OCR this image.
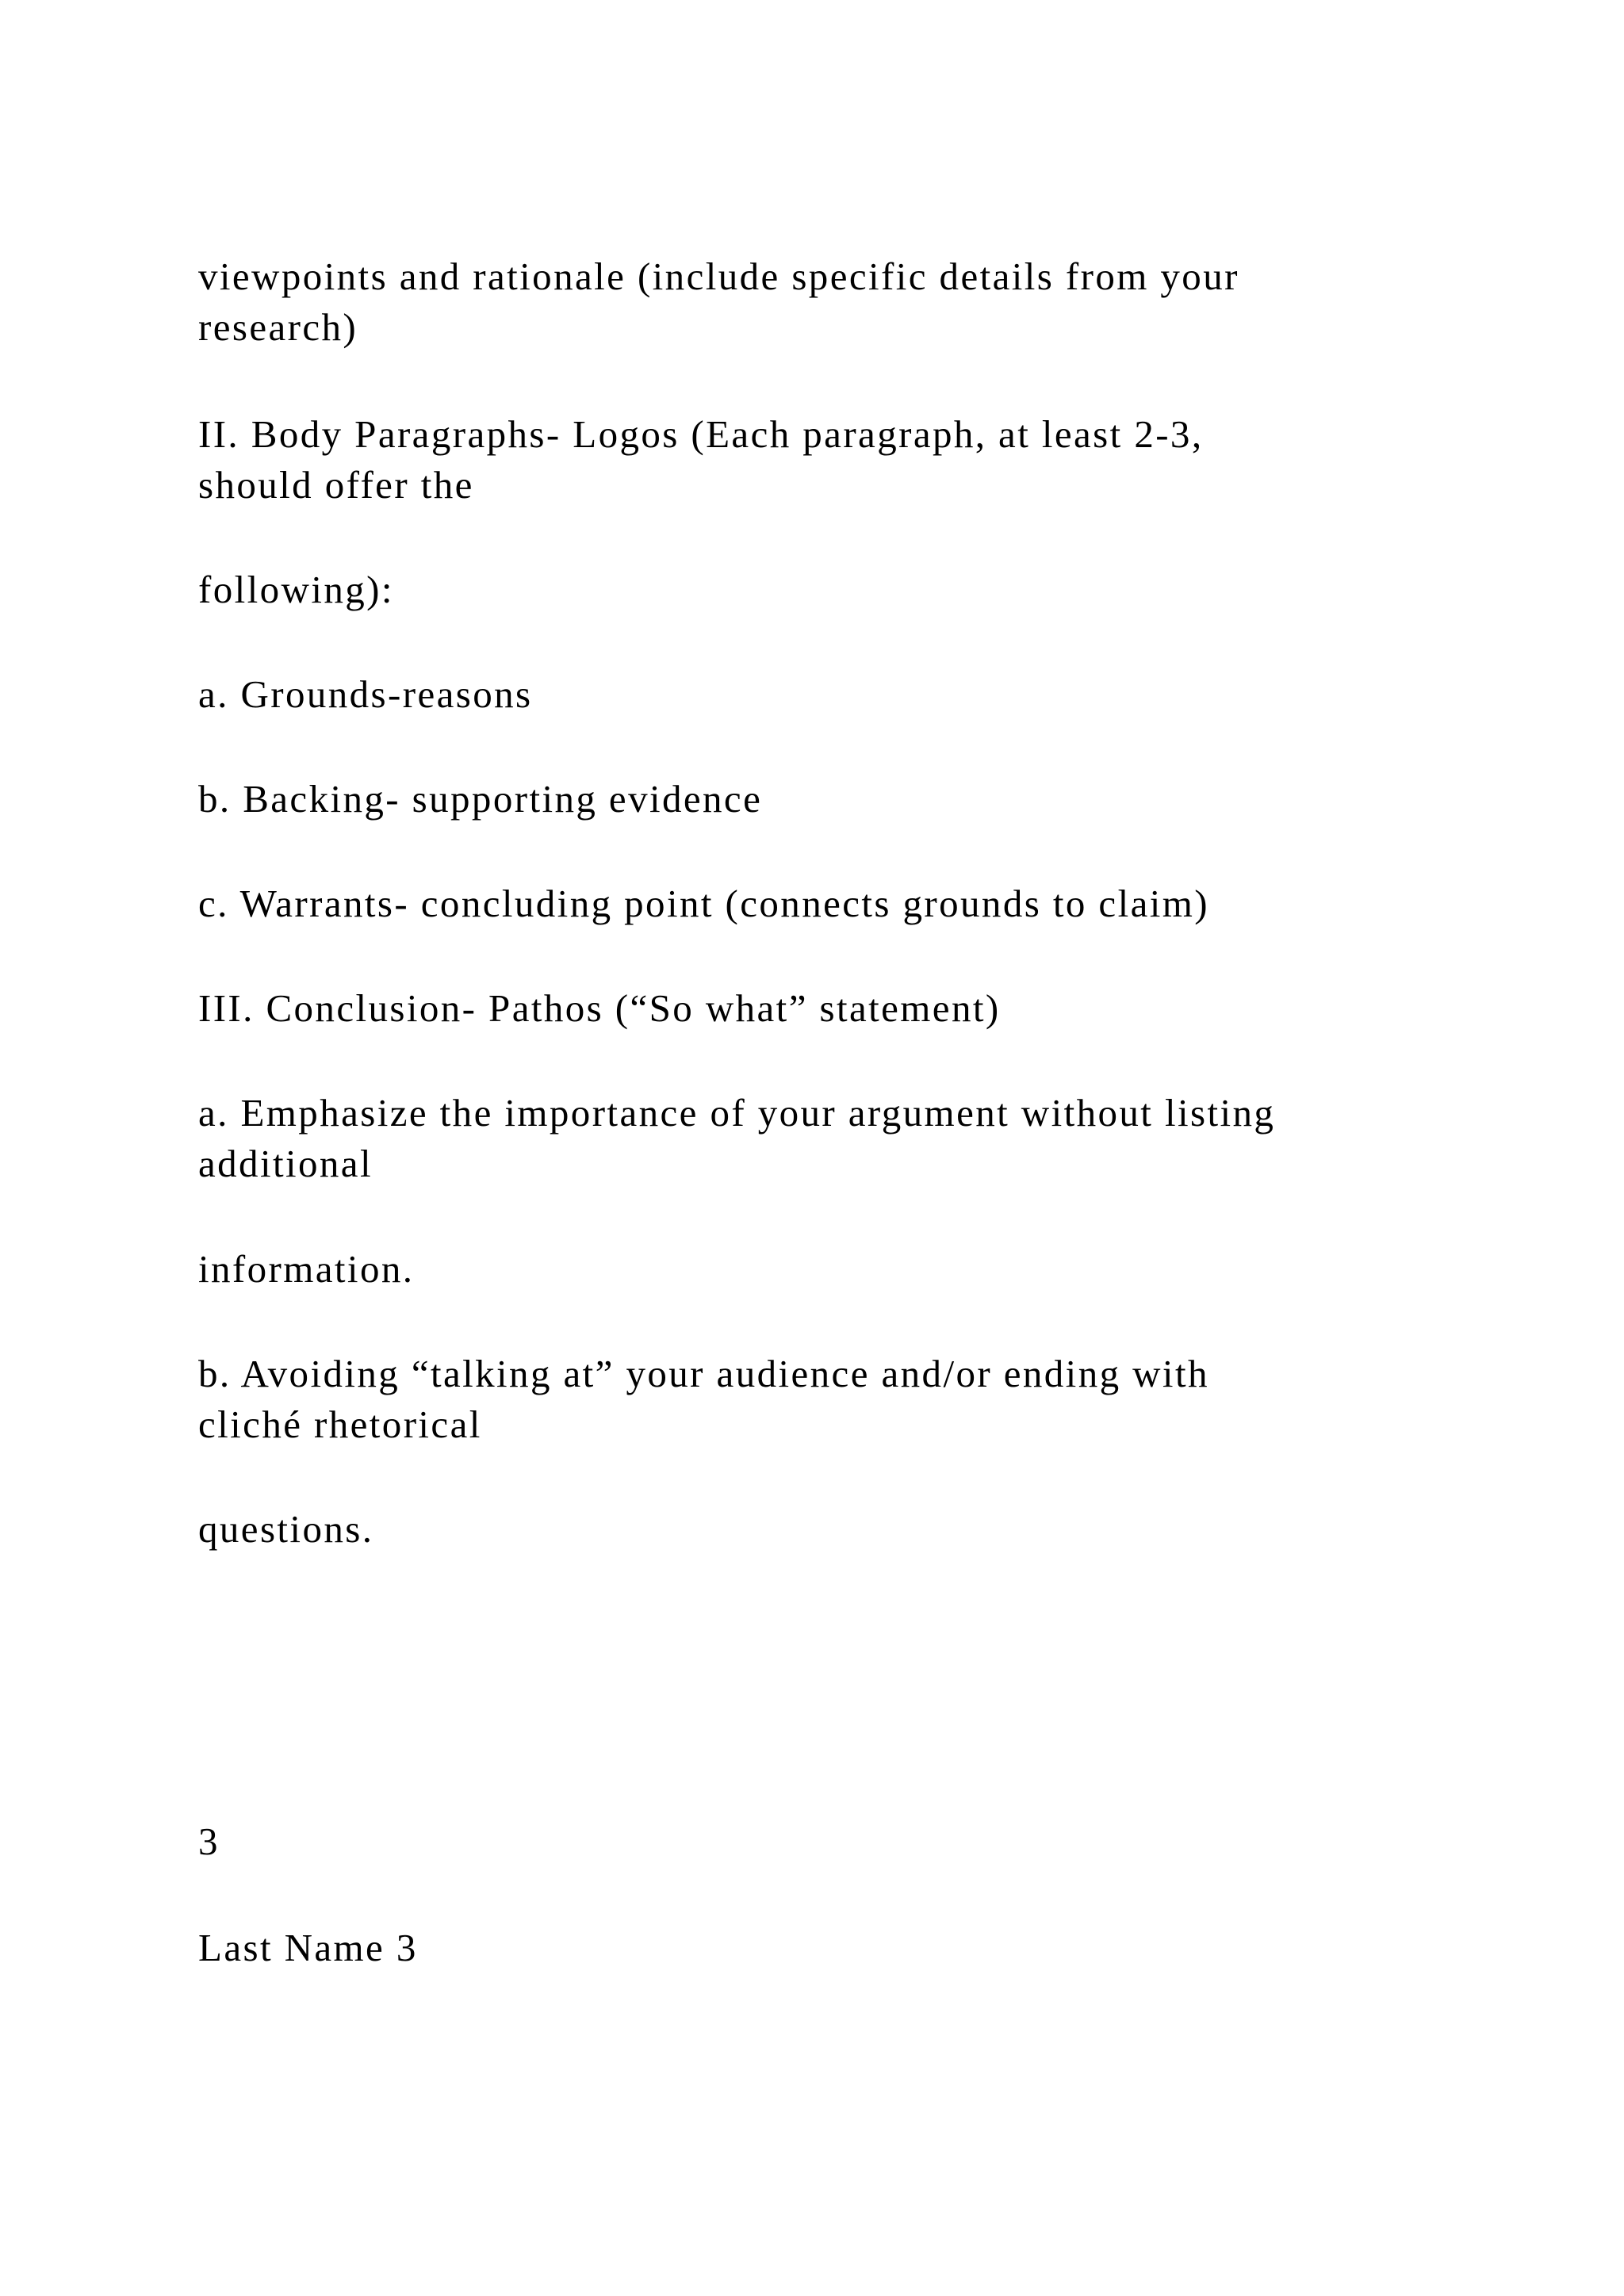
viewpoints and rationale (include specific details from your

research)

II. Body Paragraphs- Logos (Each paragraph, at least 2-3,

should offer the

following):

a. Grounds-reasons

b. Backing- supporting evidence

c. Warrants- concluding point (connects grounds to claim)

III. Conclusion- Pathos (“So what” statement)

a. Emphasize the importance of your argument without listing

additional

information.

b. Avoiding “talking at” your audience and/or ending with

cliché rhetorical

questions.

3

Last Name 3
